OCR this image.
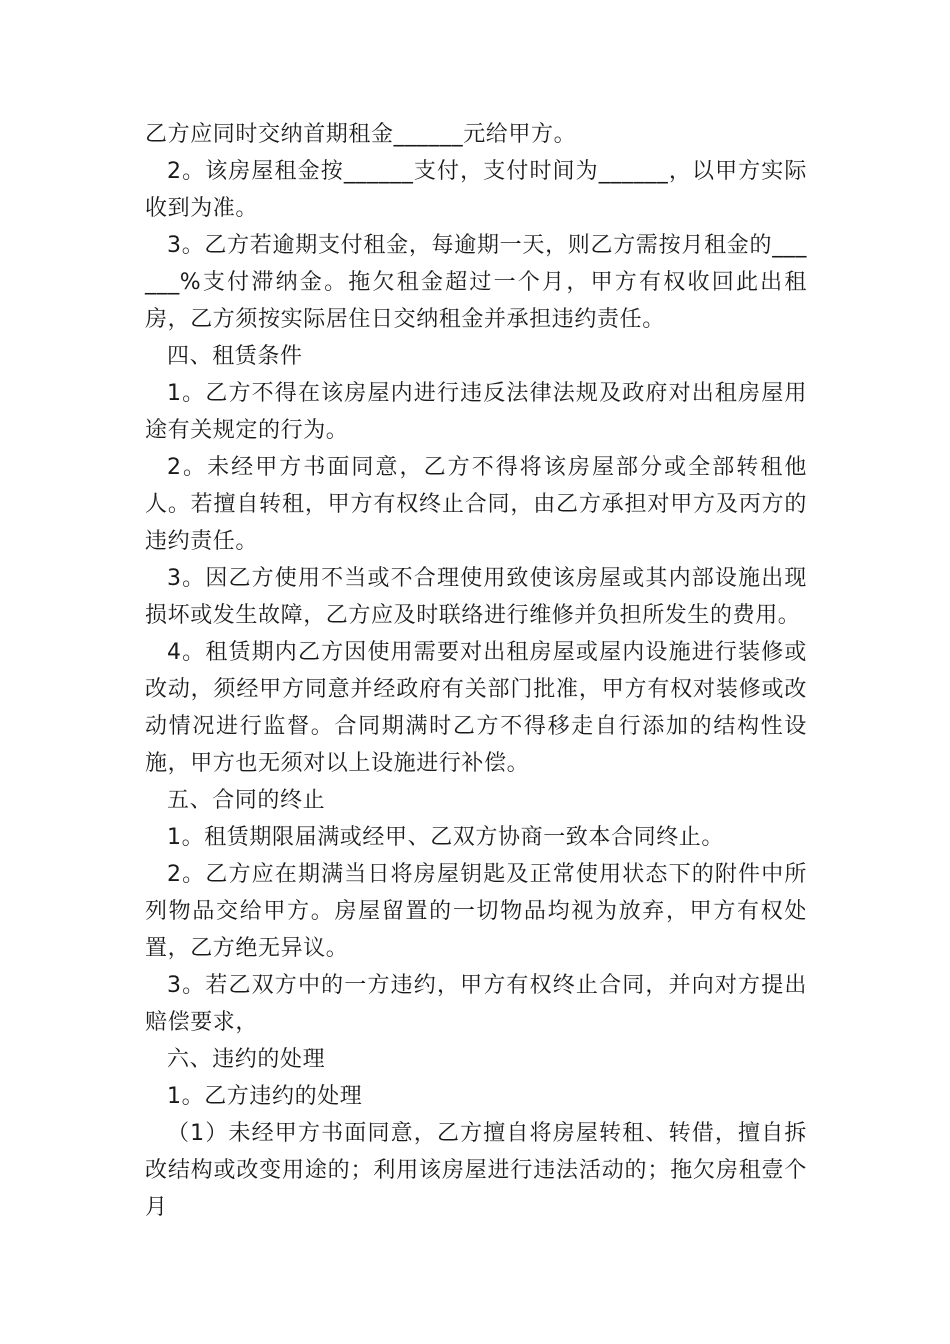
乙方应同时交纳首期租金______元给甲方。

2。该房屋租金按______支付，支付时间为______，以甲方实际收到为准。

3。乙方若逾期支付租金，每逾期一天，则乙方需按月租金的______%支付滞纳金。拖欠租金超过一个月，甲方有权收回此出租房，乙方须按实际居住日交纳租金并承担违约责任。

四、租赁条件

1。乙方不得在该房屋内进行违反法律法规及政府对出租房屋用途有关规定的行为。

2。未经甲方书面同意，乙方不得将该房屋部分或全部转租他人。若擅自转租，甲方有权终止合同，由乙方承担对甲方及丙方的违约责任。

3。因乙方使用不当或不合理使用致使该房屋或其内部设施出现损坏或发生故障，乙方应及时联络进行维修并负担所发生的费用。

4。租赁期内乙方因使用需要对出租房屋或屋内设施进行装修或改动，须经甲方同意并经政府有关部门批准，甲方有权对装修或改动情况进行监督。合同期满时乙方不得移走自行添加的结构性设施，甲方也无须对以上设施进行补偿。

五、合同的终止

1。租赁期限届满或经甲、乙双方协商一致本合同终止。

2。乙方应在期满当日将房屋钥匙及正常使用状态下的附件中所列物品交给甲方。房屋留置的一切物品均视为放弃，甲方有权处置，乙方绝无异议。

3。若乙双方中的一方违约，甲方有权终止合同，并向对方提出赔偿要求，

六、违约的处理

1。乙方违约的处理

（1）未经甲方书面同意，乙方擅自将房屋转租、转借，擅自拆改结构或改变用途的；利用该房屋进行违法活动的；拖欠房租壹个月
